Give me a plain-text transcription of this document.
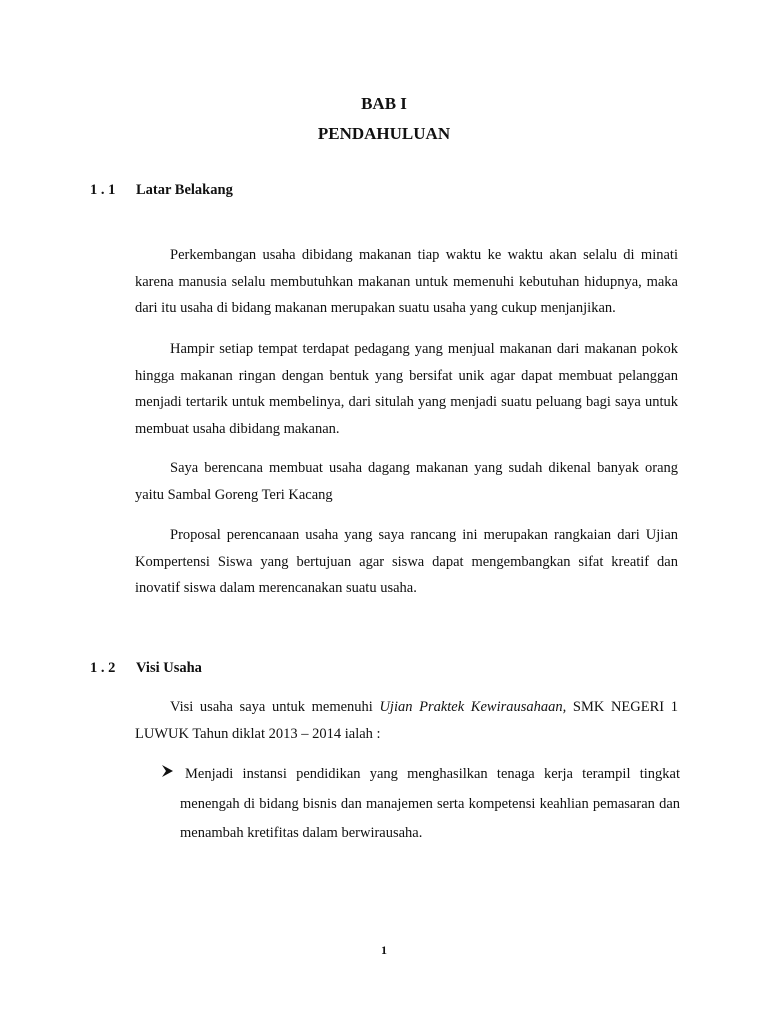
BAB I
PENDAHULUAN
1 . 1 Latar Belakang

Perkembangan usaha dibidang makanan tiap waktu ke waktu akan selalu di minati karena manusia selalu membutuhkan makanan untuk memenuhi kebutuhan hidupnya, maka dari itu usaha di bidang makanan merupakan suatu usaha yang cukup menjanjikan.

Hampir setiap tempat terdapat pedagang yang menjual makanan dari makanan pokok hingga makanan ringan dengan bentuk yang bersifat unik agar dapat membuat pelanggan menjadi tertarik untuk membelinya, dari situlah yang menjadi suatu peluang bagi saya untuk membuat usaha dibidang makanan.

Saya berencana membuat usaha dagang makanan yang sudah dikenal banyak orang yaitu Sambal Goreng Teri Kacang

Proposal perencanaan usaha yang saya rancang ini merupakan rangkaian dari Ujian Kompertensi Siswa yang bertujuan agar siswa dapat mengembangkan sifat kreatif dan inovatif siswa dalam merencanakan suatu usaha.

1 . 2 Visi Usaha

Visi usaha saya untuk memenuhi Ujian Praktek Kewirausahaan, SMK NEGERI 1 LUWUK Tahun diklat 2013 – 2014 ialah :

Menjadi instansi pendidikan yang menghasilkan tenaga kerja terampil tingkat menengah di bidang bisnis dan manajemen serta kompetensi keahlian pemasaran dan menambah kretifitas dalam berwirausaha.

1
